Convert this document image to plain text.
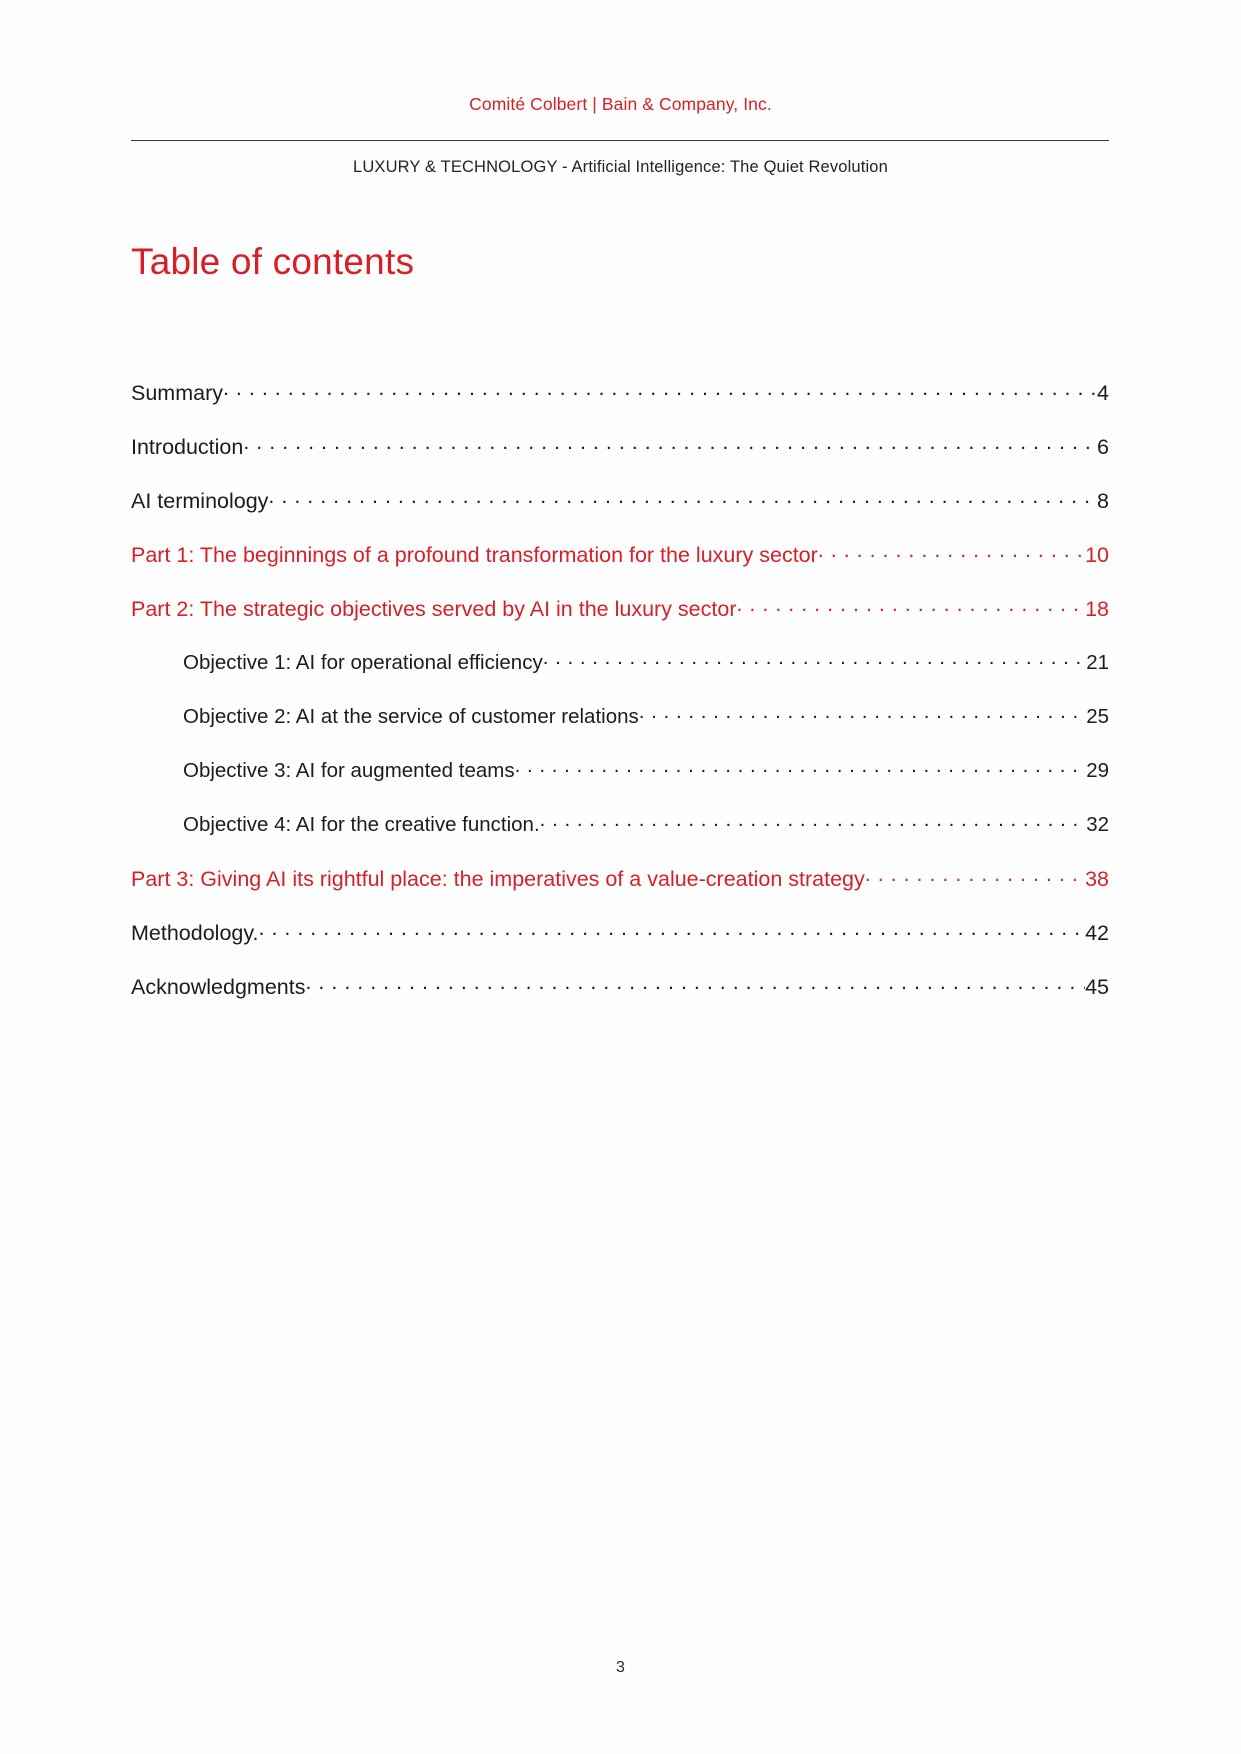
Comité Colbert | Bain & Company, Inc.
LUXURY & TECHNOLOGY - Artificial Intelligence: The Quiet Revolution
Table of contents
Summary . . .	4
Introduction . . .	6
AI terminology . . .	8
Part 1: The beginnings of a profound transformation for the luxury sector . . .	10
Part 2: The strategic objectives served by AI in the luxury sector . . .	18
Objective 1: AI for operational efficiency . . .	21
Objective 2: AI at the service of customer relations . . .	25
Objective 3: AI for augmented teams . . .	29
Objective 4: AI for the creative function. . . .	32
Part 3: Giving AI its rightful place: the imperatives of a value-creation strategy . . .	38
Methodology. . . .	42
Acknowledgments . . .	45
3
